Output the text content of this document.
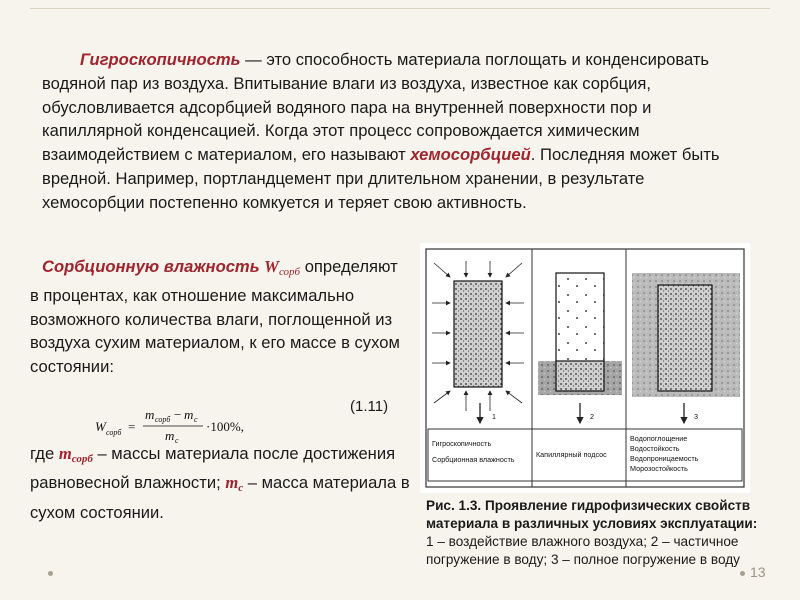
Гигроскопичность — это способность материала поглощать и конденсировать водяной пар из воздуха. Впитывание влаги из воздуха, известное как сорбция, обусловливается адсорбцией водяного пара на внутренней поверхности пор и капиллярной конденсацией. Когда этот процесс сопровождается химическим взаимодействием с материалом, его называют хемосорбцией. Последняя может быть вредной. Например, портландцемент при длительном хранении, в результате хемосорбции постепенно комкуется и теряет свою активность.
Сорбционную влажность $W_{сорб}$ определяют в процентах, как отношение максимально возможного количества влаги, поглощенной из воздуха сухим материалом, к его массе в сухом состоянии:
(1.11)
W сорб =
m сорб − m c
m c
·100%,
где mсорб – массы материала после достижения равновесной влажности; mc – масса материала в сухом состоянии.
1	2	3
Гигроскопичность
Сорбционная влажность
Капиллярный подсос
Водопоглощение
Водостойкость
Водопроницаемость
Морозостойкость
Рис. 1.3. Проявление гидрофизических свойств материала в различных условиях эксплуатации: 1 – воздействие влажного воздуха; 2 – частичное погружение в воду; 3 – полное погружение в воду
13
